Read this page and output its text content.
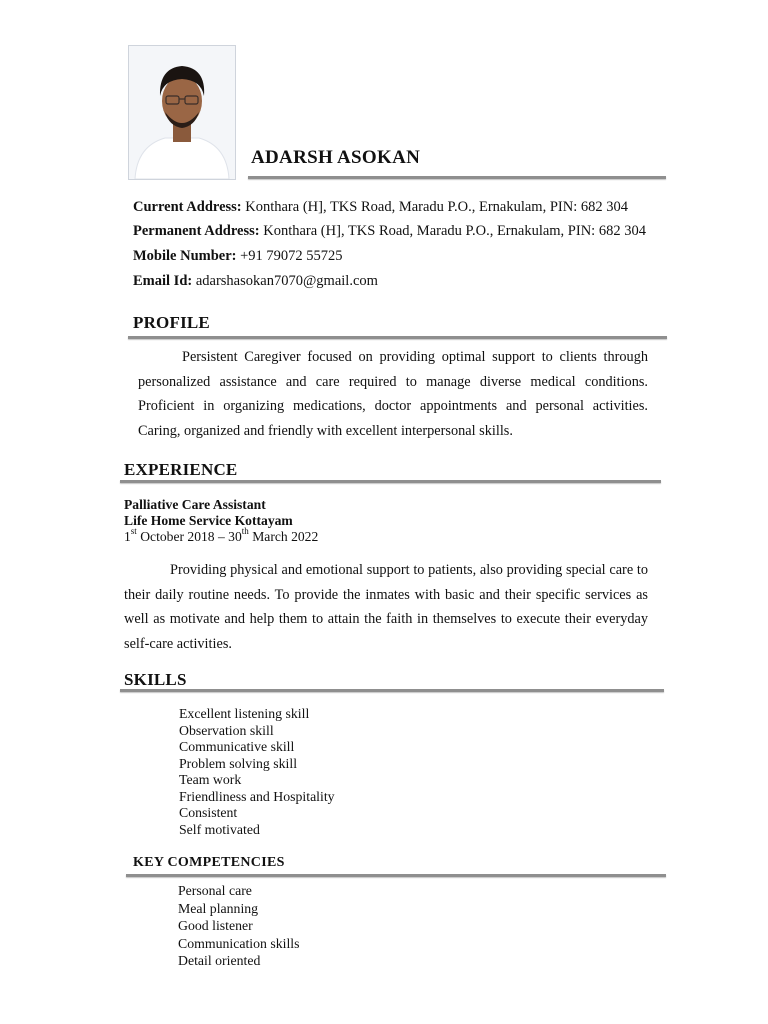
ADARSH ASOKAN
Current Address: Konthara (H], TKS Road, Maradu P.O., Ernakulam, PIN: 682 304
Permanent Address: Konthara (H], TKS Road, Maradu P.O., Ernakulam, PIN: 682 304
Mobile Number: +91 79072 55725
Email Id: adarshasokan7070@gmail.com
PROFILE
Persistent Caregiver focused on providing optimal support to clients through personalized assistance and care required to manage diverse medical conditions. Proficient in organizing medications, doctor appointments and personal activities. Caring, organized and friendly with excellent interpersonal skills.
EXPERIENCE
Palliative Care Assistant
Life Home Service Kottayam
1st October 2018 – 30th March 2022
Providing physical and emotional support to patients, also providing special care to their daily routine needs. To provide the inmates with basic and their specific services as well as motivate and help them to attain the faith in themselves to execute their everyday self-care activities.
SKILLS
Excellent listening skill
Observation skill
Communicative skill
Problem solving skill
Team work
Friendliness and Hospitality
Consistent
Self motivated
KEY COMPETENCIES
Personal care
Meal planning
Good listener
Communication skills
Detail oriented
